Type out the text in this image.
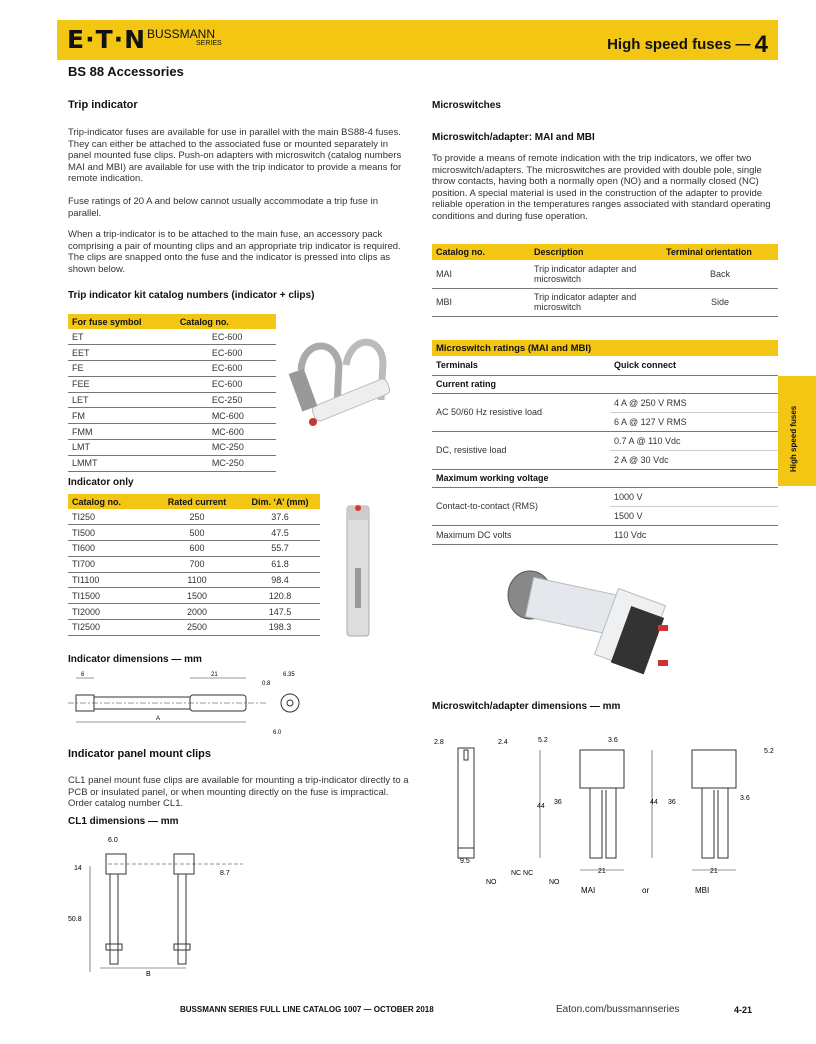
E·T·N BUSSMANN
SERIES	High speed fuses — 4
BS 88 Accessories
Trip indicator

Trip-indicator fuses are available for use in parallel with the main BS88-4 fuses. They can either be attached to the associated fuse or mounted separately in panel mounted fuse clips. Push-on adapters with microswitch (catalog numbers MAI and MBI) are available for use with the trip indicator to provide a means for remote indication.

Fuse ratings of 20 A and below cannot usually accommodate a trip fuse in parallel.

When a trip-indicator is to be attached to the main fuse, an accessory pack comprising a pair of mounting clips and an appropriate trip indicator is required. The clips are snapped onto the fuse and the indicator is pressed into clips as shown below.

Trip indicator kit catalog numbers (indicator + clips)
For fuse symbol	Catalog no.
ET	EC-600
EET	EC-600
FE	EC-600
FEE	EC-600
LET	EC-250
FM	MC-600
FMM	MC-600
LMT	MC-250
LMMT	MC-250
Indicator only
Catalog no.	Rated current	Dim. ‘A’ (mm)
TI250	250	37.6
TI500	500	47.5
TI600	600	55.7
TI700	700	61.8
TI1100	1100	98.4
TI1500	1500	120.8
TI2000	2000	147.5
TI2500	2500	198.3
Indicator dimensions — mm
6	21	6.35
0.8
A
6.0
Indicator panel mount clips

CL1 panel mount fuse clips are available for mounting a trip-indicator directly to a PCB or insulated panel, or when mounting directly on the fuse is impractical. Order catalog number CL1.

CL1 dimensions — mm
6.0
14
8.7
50.8
B
Microswitches
Microswitch/adapter: MAI and MBI

To provide a means of remote indication with the trip indicators, we offer two microswitch/adapters. The microswitches are provided with double pole, single throw contacts, having both a normally open (NO) and a normally closed (NC) position. A special material is used in the construction of the adapter to provide reliable operation in the temperatures ranges associated with standard operating conditions and during fuse operation.

Catalog no.	Description	Terminal orientation
MAI	Trip indicator adapter and microswitch	Back
MBI	Trip indicator adapter and microswitch	Side
Microswitch ratings (MAI and MBI)	
Terminals	Quick connect
Current rating	
AC 50/60 Hz resistive load	4 A @ 250 V RMS
	6 A @ 127 V RMS
DC, resistive load	0.7 A @ 110 Vdc
	2 A @ 30 Vdc
Maximum working voltage	
Contact-to-contact (RMS)	1000 V
	1500 V
Maximum DC volts	110 Vdc
Microswitch/adapter dimensions — mm
2.8	2.4
9.5
NC NC
NO	NO
5.2	3.6
44
36
21
MAI	or
5.2
44 36
3.6
21
MBI
High speed fuses
BUSSMANN SERIES FULL LINE CATALOG 1007 — OCTOBER 2018	Eaton.com/bussmannseries	4-21
